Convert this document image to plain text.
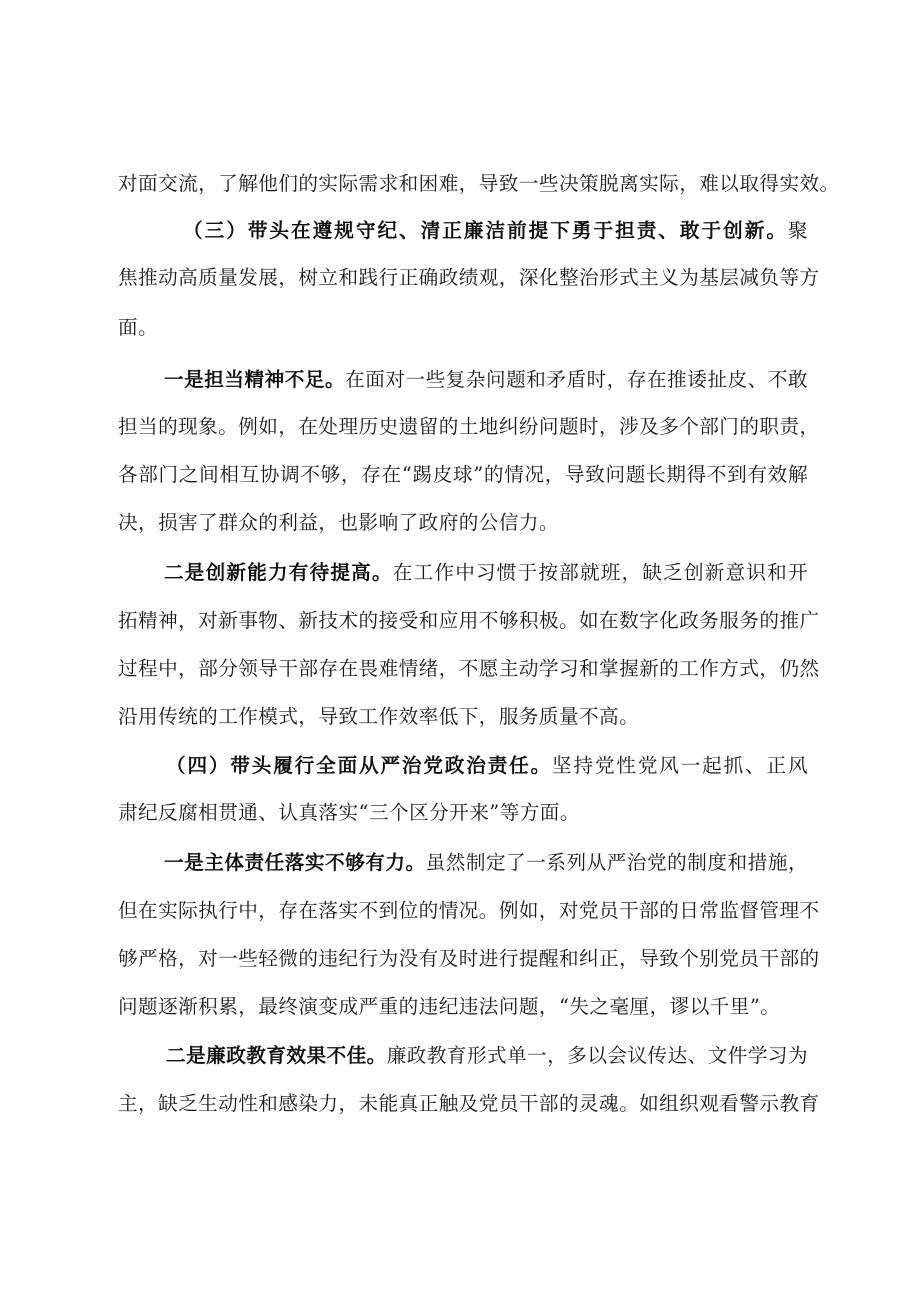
对面交流，了解他们的实际需求和困难，导致一些决策脱离实际，难以取得实效。
（三）带头在遵规守纪、清正廉洁前提下勇于担责、敢于创新。聚
焦推动高质量发展，树立和践行正确政绩观，深化整治形式主义为基层减负等方
面。
一是担当精神不足。在面对一些复杂问题和矛盾时，存在推诿扯皮、不敢
担当的现象。例如，在处理历史遗留的土地纠纷问题时，涉及多个部门的职责，
各部门之间相互协调不够，存在“踢皮球”的情况，导致问题长期得不到有效解
决，损害了群众的利益，也影响了政府的公信力。
二是创新能力有待提高。在工作中习惯于按部就班，缺乏创新意识和开
拓精神，对新事物、新技术的接受和应用不够积极。如在数字化政务服务的推广
过程中，部分领导干部存在畏难情绪，不愿主动学习和掌握新的工作方式，仍然
沿用传统的工作模式，导致工作效率低下，服务质量不高。
（四）带头履行全面从严治党政治责任。坚持党性党风一起抓、正风
肃纪反腐相贯通、认真落实“三个区分开来”等方面。
一是主体责任落实不够有力。虽然制定了一系列从严治党的制度和措施，
但在实际执行中，存在落实不到位的情况。例如，对党员干部的日常监督管理不
够严格，对一些轻微的违纪行为没有及时进行提醒和纠正，导致个别党员干部的
问题逐渐积累，最终演变成严重的违纪违法问题，“失之毫厘，谬以千里”。
二是廉政教育效果不佳。廉政教育形式单一，多以会议传达、文件学习为
主，缺乏生动性和感染力，未能真正触及党员干部的灵魂。如组织观看警示教育
